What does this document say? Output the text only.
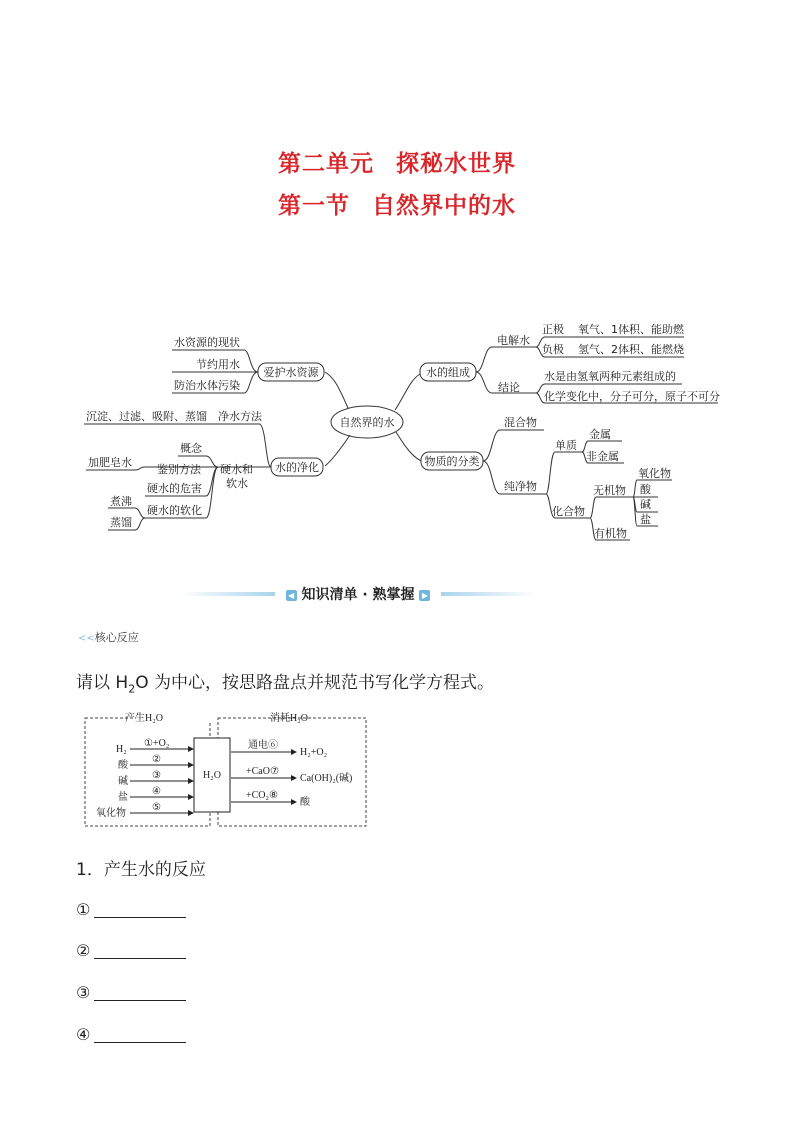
第二单元 探秘水世界
第一节 自然界中的水
自然界的水
爱护水资源
水资源的现状
节约用水
防治水体污染
水的净化
沉淀、过滤、吸附、蒸馏 净水方法
硬水和
软水
概念
鉴别方法
加肥皂水
硬水的危害
硬水的软化
煮沸
蒸馏
水的组成
电解水
正极 氧气、1体积、能助燃
负极 氢气、2体积、能燃烧
结论
水是由氢氧两种元素组成的
化学变化中，分子可分，原子不可分
物质的分类
混合物
纯净物
单质
金属
非金属
化合物
无机物
有机物
氧化物
酸
碱
盐
◀ 知识清单 · 熟掌握 ▶
<<核心反应
请以 $H_2O$ 为中心，按思路盘点并规范书写化学方程式。
产生H₂O	消耗H₂O
H₂O
H₂
酸
碱
盐
氧化物
①+O₂
②
③
④
⑤
通电⑥
+CaO⑦
+CO₂⑧
H₂+O₂
Ca(OH)₂(碱)
酸
1．产生水的反应
①
②
③
④
